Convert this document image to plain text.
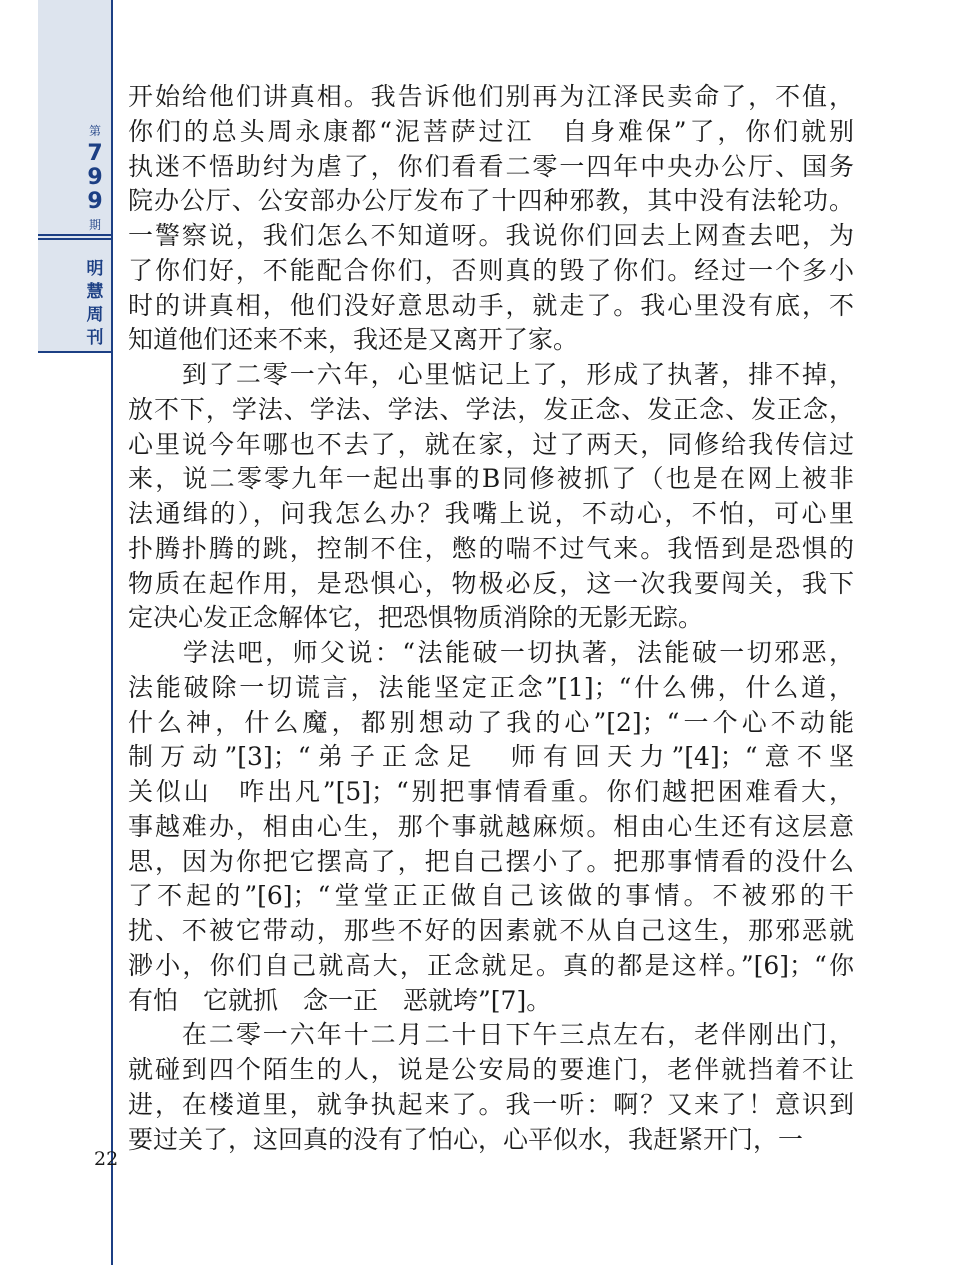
第
7
9
9
期
明
慧
周
刊
22
开始给他们讲真相。我告诉他们别再为江泽民卖命了，不值，
你们的总头周永康都“泥菩萨过江　自身难保”了，你们就别
执迷不悟助纣为虐了，你们看看二零一四年中央办公厅、国务
院办公厅、公安部办公厅发布了十四种邪教，其中没有法轮功。
一警察说，我们怎么不知道呀。我说你们回去上网查去吧，为
了你们好，不能配合你们，否则真的毁了你们。经过一个多小
时的讲真相，他们没好意思动手，就走了。我心里没有底，不
知道他们还来不来，我还是又离开了家。
　　到了二零一六年，心里惦记上了，形成了执著，排不掉，
放不下，学法、学法、学法、学法，发正念、发正念、发正念，
心里说今年哪也不去了，就在家，过了两天，同修给我传信过
来，说二零零九年一起出事的B同修被抓了（也是在网上被非
法通缉的），问我怎么办？我嘴上说，不动心，不怕，可心里
扑腾扑腾的跳，控制不住，憋的喘不过气来。我悟到是恐惧的
物质在起作用，是恐惧心，物极必反，这一次我要闯关，我下
定决心发正念解体它，把恐惧物质消除的无影无踪。
　　学法吧，师父说：“法能破一切执著，法能破一切邪恶，
法能破除一切谎言，法能坚定正念”[1]；“什么佛，什么道，
什么神，什么魔，都别想动了我的心”[2]；“一个心不动能
制万动”[3]；“弟子正念足　师有回天力”[4]；“意不坚
关似山　咋出凡”[5]；“别把事情看重。你们越把困难看大，
事越难办，相由心生，那个事就越麻烦。相由心生还有这层意
思，因为你把它摆高了，把自己摆小了。把那事情看的没什么
了不起的”[6]；“堂堂正正做自己该做的事情。不被邪的干
扰、不被它带动，那些不好的因素就不从自己这生，那邪恶就
渺小，你们自己就高大，正念就足。真的都是这样。”[6]；“你
有怕　它就抓　念一正　恶就垮”[7]。
　　在二零一六年十二月二十日下午三点左右，老伴刚出门，
就碰到四个陌生的人，说是公安局的要進门，老伴就挡着不让
进，在楼道里，就争执起来了。我一听：啊？又来了！意识到
要过关了，这回真的没有了怕心，心平似水，我赶紧开门，一
